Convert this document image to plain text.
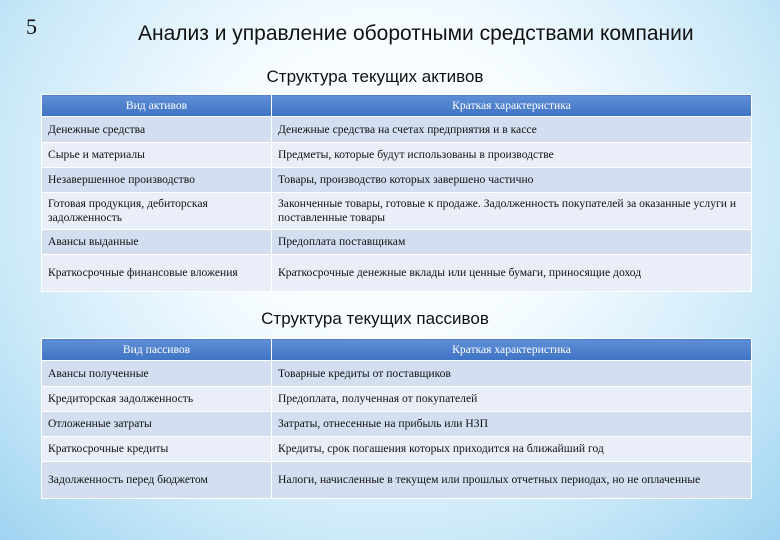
5	Анализ и управление оборотными средствами компании
Структура текущих активов
Вид активов	Краткая характеристика
Денежные средства	Денежные средства на счетах предприятия и в кассе
Сырье и материалы	Предметы, которые будут использованы в производстве
Незавершенное производство	Товары, производство которых завершено частично
Готовая продукция, дебиторская задолженность	Законченные товары, готовые к продаже. Задолженность покупателей за оказанные услуги и поставленные товары
Авансы выданные	Предоплата поставщикам
Краткосрочные финансовые вложения	Краткосрочные денежные вклады или ценные бумаги, приносящие доход
Структура текущих пассивов
Вид пассивов	Краткая характеристика
Авансы полученные	Товарные кредиты от поставщиков
Кредиторская задолженность	Предоплата, полученная от покупателей
Отложенные затраты	Затраты, отнесенные на прибыль или НЗП
Краткосрочные кредиты	Кредиты, срок погашения которых приходится на ближайший год
Задолженность перед бюджетом	Налоги, начисленные в текущем или прошлых отчетных периодах, но не оплаченные
